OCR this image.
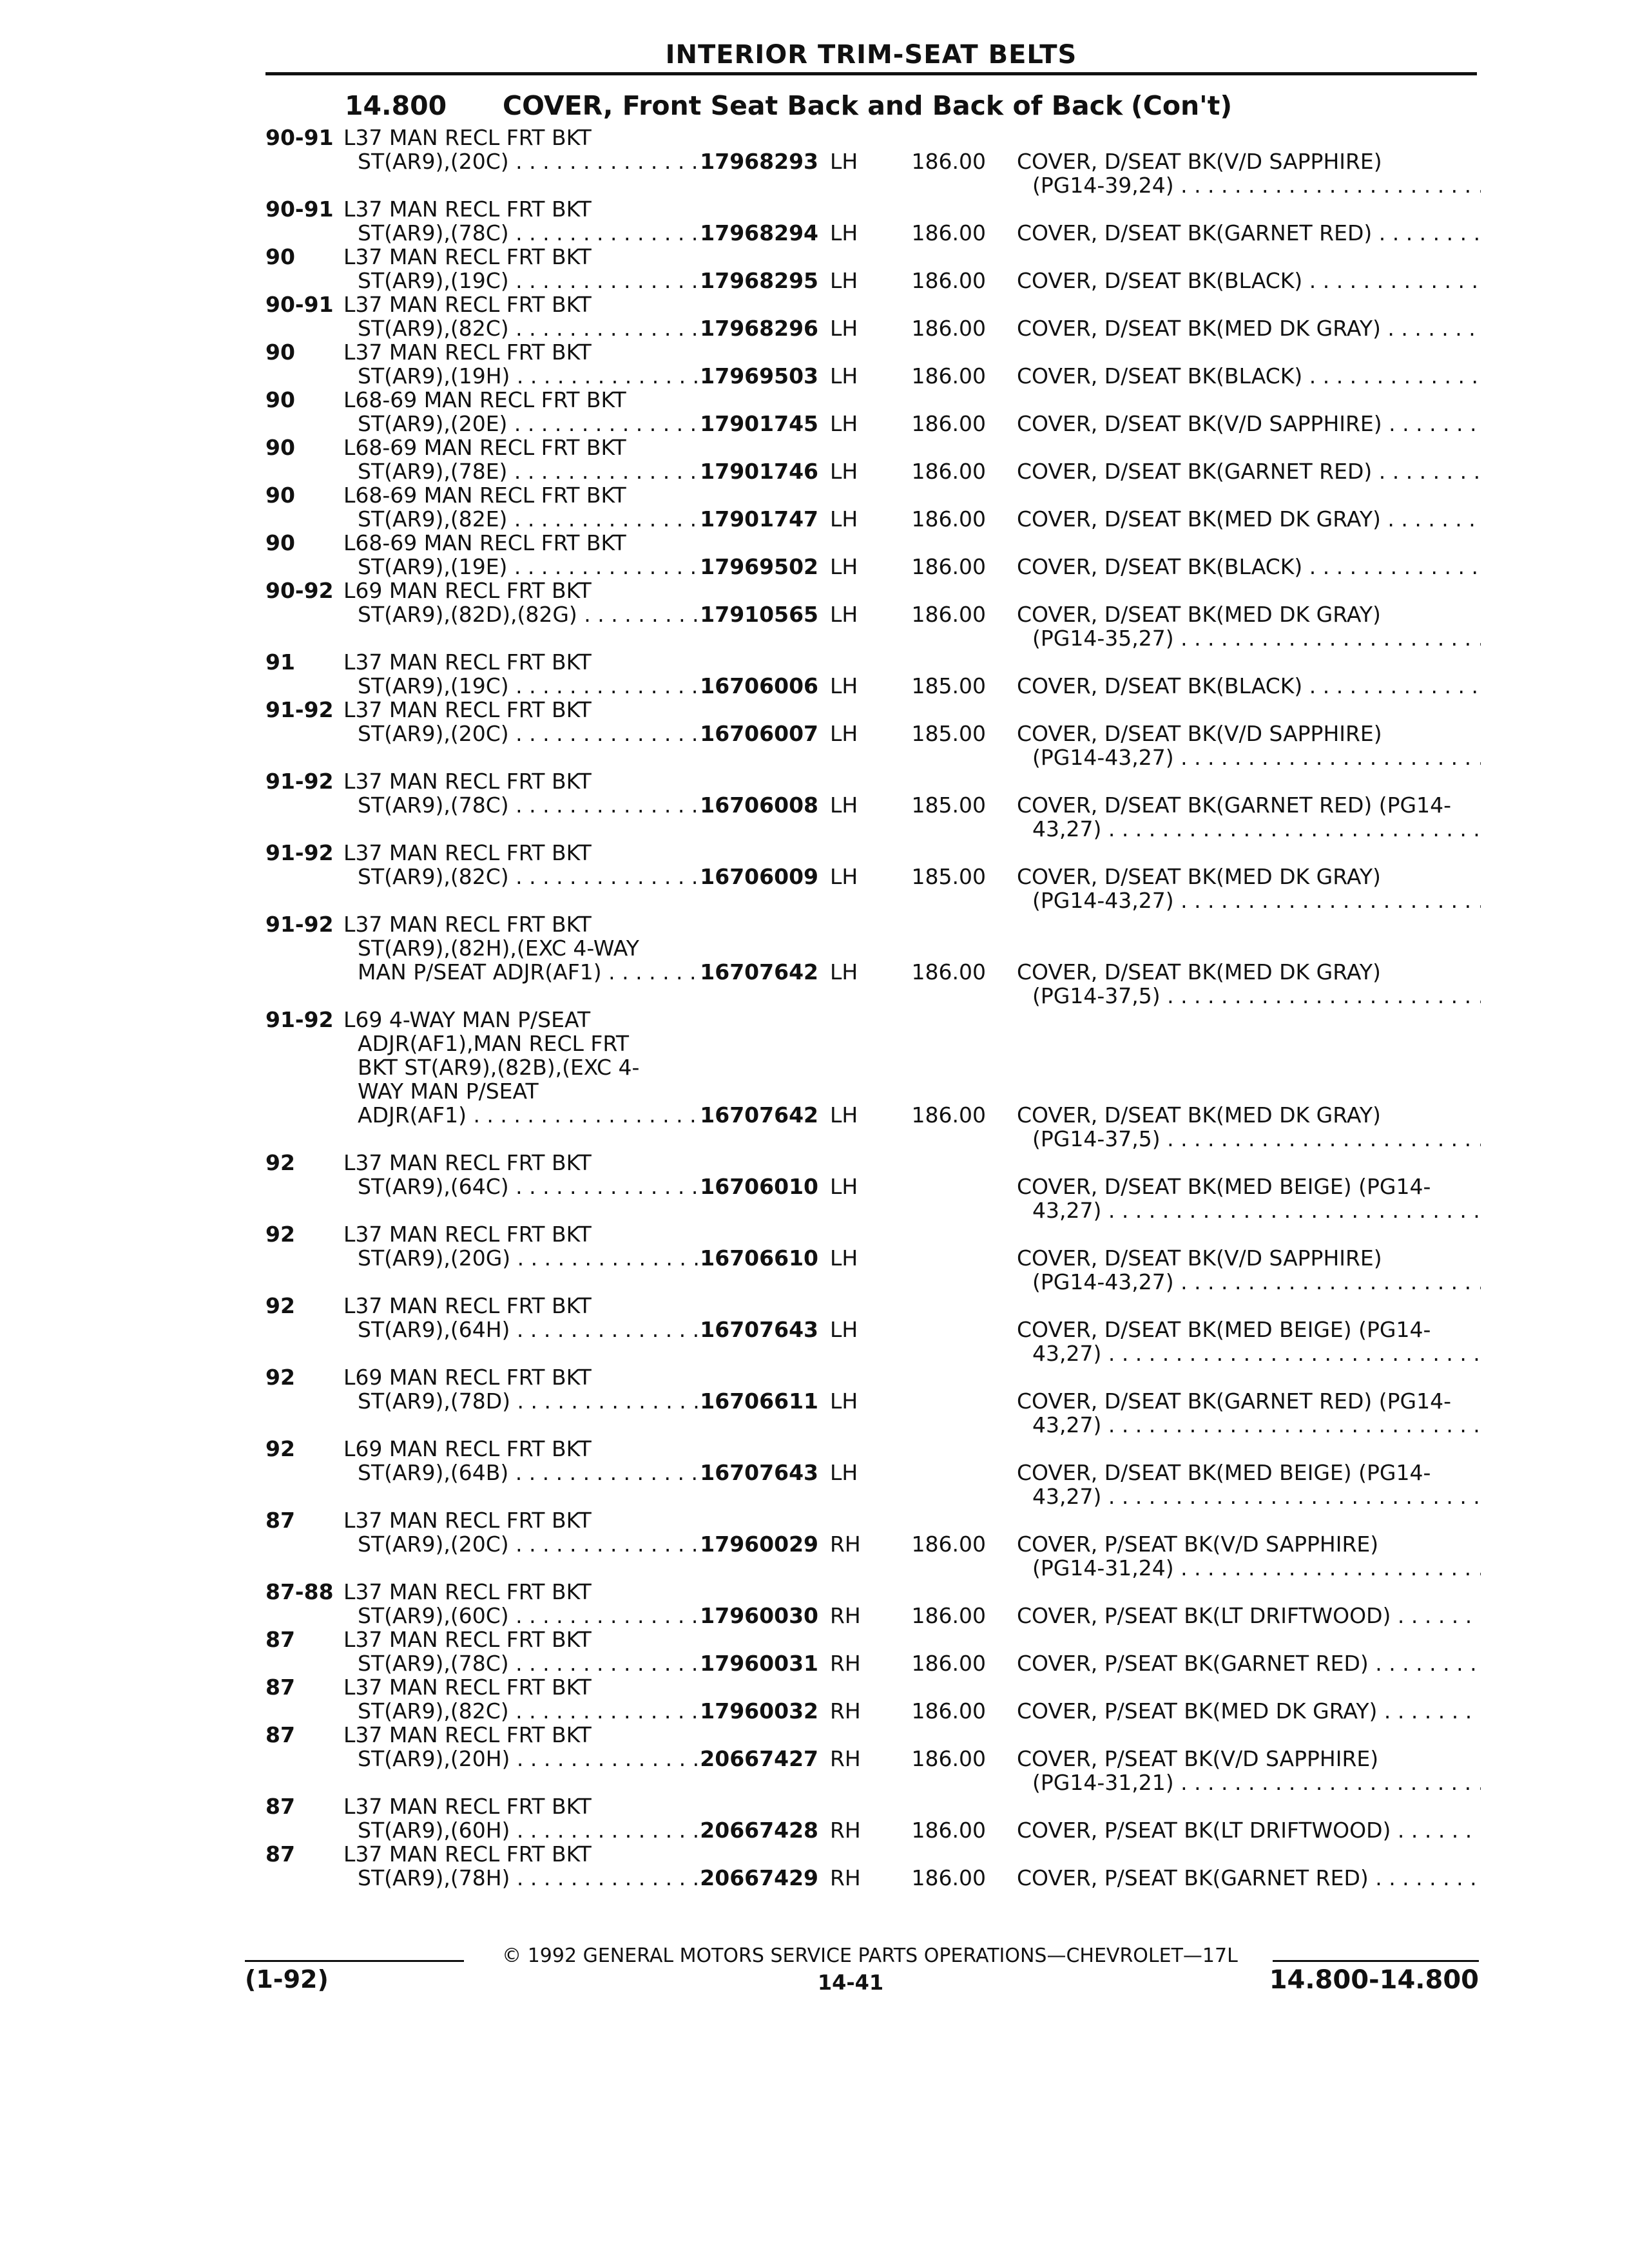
INTERIOR TRIM-SEAT BELTS
14.800 COVER, Front Seat Back and Back of Back (Con't)
90-91 L37 MAN RECL FRT BKT
ST(AR9),(20C) . . .	17968293 LH	186.00 COVER, D/SEAT BK(V/D SAPPHIRE)
(PG14-39,24) . . .
90-91 L37 MAN RECL FRT BKT
ST(AR9),(78C) . . .	17968294 LH	186.00 COVER, D/SEAT BK(GARNET RED) . . .
90 L37 MAN RECL FRT BKT
ST(AR9),(19C) . . .	17968295 LH	186.00 COVER, D/SEAT BK(BLACK) . . .
90-91 L37 MAN RECL FRT BKT
ST(AR9),(82C) . . .	17968296 LH	186.00 COVER, D/SEAT BK(MED DK GRAY) . . .
90 L37 MAN RECL FRT BKT
ST(AR9),(19H) . . .	17969503 LH	186.00 COVER, D/SEAT BK(BLACK) . . .
90 L68-69 MAN RECL FRT BKT
ST(AR9),(20E) . . .	17901745 LH	186.00 COVER, D/SEAT BK(V/D SAPPHIRE) . . .
90 L68-69 MAN RECL FRT BKT
ST(AR9),(78E) . . .	17901746 LH	186.00 COVER, D/SEAT BK(GARNET RED) . . .
90 L68-69 MAN RECL FRT BKT
ST(AR9),(82E) . . .	17901747 LH	186.00 COVER, D/SEAT BK(MED DK GRAY) . . .
90 L68-69 MAN RECL FRT BKT
ST(AR9),(19E) . . .	17969502 LH	186.00 COVER, D/SEAT BK(BLACK) . . .
90-92 L69 MAN RECL FRT BKT
ST(AR9),(82D),(82G) . . .	17910565 LH	186.00 COVER, D/SEAT BK(MED DK GRAY)
(PG14-35,27) . . .
91 L37 MAN RECL FRT BKT
ST(AR9),(19C) . . .	16706006 LH	185.00 COVER, D/SEAT BK(BLACK) . . .
91-92 L37 MAN RECL FRT BKT
ST(AR9),(20C) . . .	16706007 LH	185.00 COVER, D/SEAT BK(V/D SAPPHIRE)
(PG14-43,27) . . .
91-92 L37 MAN RECL FRT BKT
ST(AR9),(78C) . . .	16706008 LH	185.00 COVER, D/SEAT BK(GARNET RED) (PG14-
43,27) . . .
91-92 L37 MAN RECL FRT BKT
ST(AR9),(82C) . . .	16706009 LH	185.00 COVER, D/SEAT BK(MED DK GRAY)
(PG14-43,27) . . .
91-92 L37 MAN RECL FRT BKT
ST(AR9),(82H),(EXC 4-WAY
MAN P/SEAT ADJR(AF1) . . .	16707642 LH	186.00 COVER, D/SEAT BK(MED DK GRAY)
(PG14-37,5) . . .
91-92 L69 4-WAY MAN P/SEAT
ADJR(AF1),MAN RECL FRT
BKT ST(AR9),(82B),(EXC 4-
WAY MAN P/SEAT
ADJR(AF1) . . .	16707642 LH	186.00 COVER, D/SEAT BK(MED DK GRAY)
(PG14-37,5) . . .
92 L37 MAN RECL FRT BKT
ST(AR9),(64C) . . .	16706010 LH	COVER, D/SEAT BK(MED BEIGE) (PG14-
43,27) . . .
92 L37 MAN RECL FRT BKT
ST(AR9),(20G) . . .	16706610 LH	COVER, D/SEAT BK(V/D SAPPHIRE)
(PG14-43,27) . . .
92 L37 MAN RECL FRT BKT
ST(AR9),(64H) . . .	16707643 LH	COVER, D/SEAT BK(MED BEIGE) (PG14-
43,27) . . .
92 L69 MAN RECL FRT BKT
ST(AR9),(78D) . . .	16706611 LH	COVER, D/SEAT BK(GARNET RED) (PG14-
43,27) . . .
92 L69 MAN RECL FRT BKT
ST(AR9),(64B) . . .	16707643 LH	COVER, D/SEAT BK(MED BEIGE) (PG14-
43,27) . . .
87 L37 MAN RECL FRT BKT
ST(AR9),(20C) . . .	17960029 RH	186.00 COVER, P/SEAT BK(V/D SAPPHIRE)
(PG14-31,24) . . .
87-88 L37 MAN RECL FRT BKT
ST(AR9),(60C) . . .	17960030 RH	186.00 COVER, P/SEAT BK(LT DRIFTWOOD) . . .
87 L37 MAN RECL FRT BKT
ST(AR9),(78C) . . .	17960031 RH	186.00 COVER, P/SEAT BK(GARNET RED) . . .
87 L37 MAN RECL FRT BKT
ST(AR9),(82C) . . .	17960032 RH	186.00 COVER, P/SEAT BK(MED DK GRAY) . . .
87 L37 MAN RECL FRT BKT
ST(AR9),(20H) . . .	20667427 RH	186.00 COVER, P/SEAT BK(V/D SAPPHIRE)
(PG14-31,21) . . .
87 L37 MAN RECL FRT BKT
ST(AR9),(60H) . . .	20667428 RH	186.00 COVER, P/SEAT BK(LT DRIFTWOOD) . . .
87 L37 MAN RECL FRT BKT
ST(AR9),(78H) . . .	20667429 RH	186.00 COVER, P/SEAT BK(GARNET RED) . . .
© 1992 GENERAL MOTORS SERVICE PARTS OPERATIONS—CHEVROLET—17L
(1-92)	14-41	14.800-14.800
